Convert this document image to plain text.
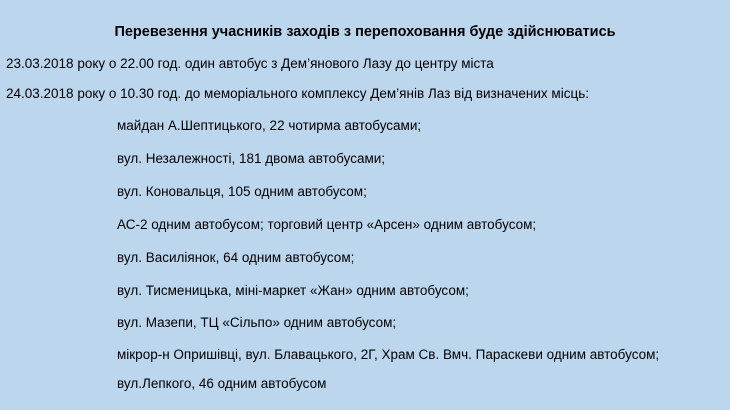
Перевезення учасників заходів з перепоховання буде здійснюватись
23.03.2018 року о 22.00 год. один автобус з Дем’янового Лазу до центру міста
24.03.2018 року о 10.30 год. до меморіального комплексу Дем’янів Лаз від визначених місць:
майдан А.Шептицького, 22 чотирма автобусами;
вул. Незалежності, 181 двома автобусами;
вул. Коновальця, 105 одним автобусом;
АС-2 одним автобусом; торговий центр «Арсен» одним автобусом;
вул. Василіянок, 64 одним автобусом;
вул. Тисменицька, міні-маркет «Жан» одним автобусом;
вул. Мазепи, ТЦ «Сільпо» одним автобусом;
мікрор-н Опришівці, вул. Блавацького, 2Г, Храм Св. Вмч. Параскеви одним автобусом;
вул.Лепкого, 46 одним автобусом
